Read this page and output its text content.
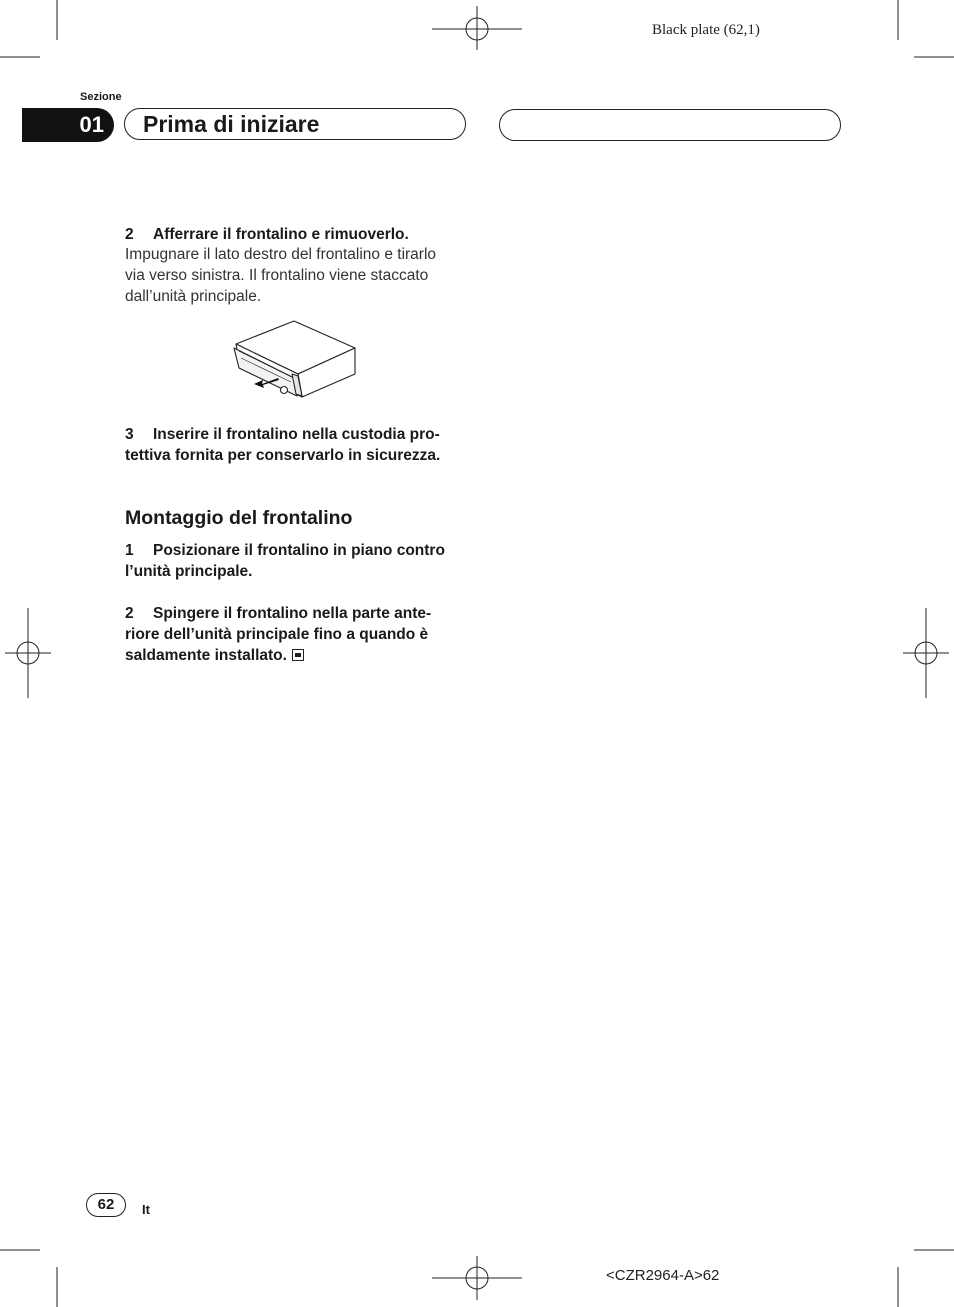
Black plate (62,1)
Sezione
01 Prima di iniziare
2 Afferrare il frontalino e rimuoverlo.
Impugnare il lato destro del frontalino e tirarlo
via verso sinistra. Il frontalino viene staccato
dall’unità principale.
3 Inserire il frontalino nella custodia pro-
tettiva fornita per conservarlo in sicurezza.
Montaggio del frontalino
1 Posizionare il frontalino in piano contro
l’unità principale.
2 Spingere il frontalino nella parte ante-
riore dell’unità principale fino a quando è
saldamente installato.
62	It
<CZR2964-A>62
